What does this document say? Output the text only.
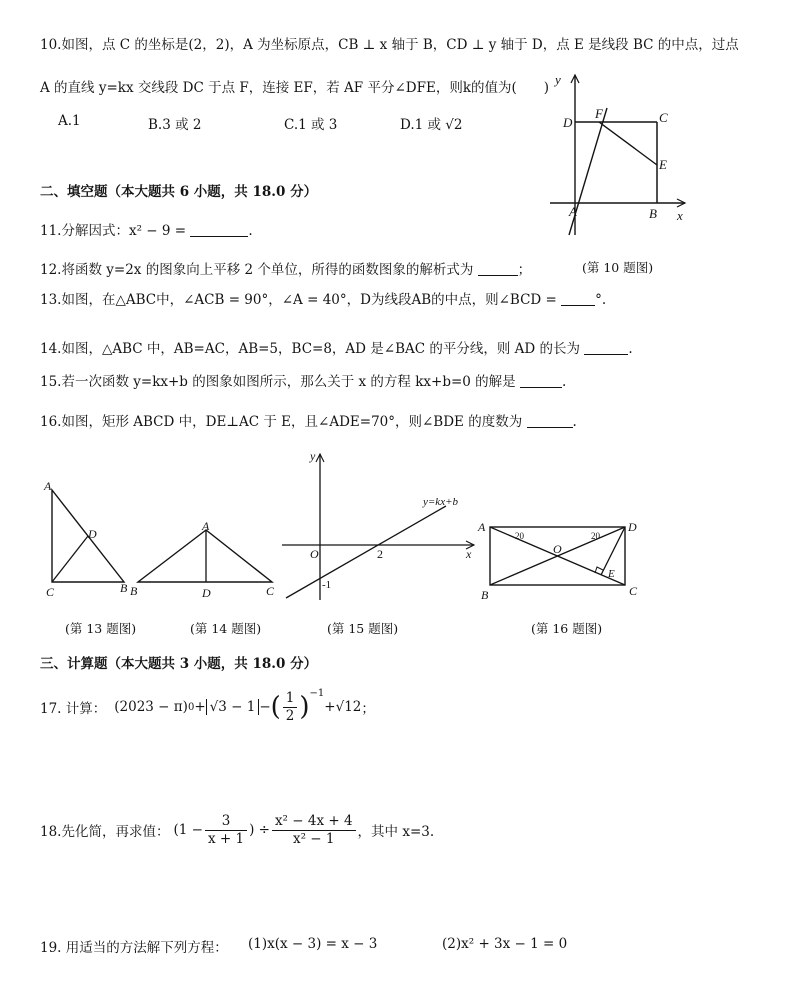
10.如图，点 C 的坐标是(2，2)，A 为坐标原点，CB ⊥ x 轴于 B，CD ⊥ y 轴于 D，点 E 是线段 BC 的中点，过点
A 的直线 y=kx 交线段 DC 于点 F，连接 EF，若 AF 平分∠DFE，则k的值为(　　)
A.1	B.3 或 2	C.1 或 3	D.1 或 √2
y
x
D
F	C
E
A	B
(第 10 题图)
二、填空题（本大题共 6 小题，共 18.0 分）
11.分解因式：x² − 9 =	.
12.将函数 y=2x 的图象向上平移 2 个单位，所得的函数图象的解析式为	；
13.如图，在△ABC中，∠ACB = 90°，∠A = 40°，D为线段AB的中点，则∠BCD =	°.
14.如图，△ABC 中，AB=AC，AB=5，BC=8，AD 是∠BAC 的平分线，则 AD 的长为	.
15.若一次函数 y=kx+b 的图象如图所示，那么关于 x 的方程 kx+b=0 的解是	.
16.如图，矩形 ABCD 中，DE⊥AC 于 E，且∠ADE=70°，则∠BDE 的度数为	.
A
D
C	B
(第 13 题图)
A
B	D	C
(第 14 题图)
y
x
O	2
-1
y=kx+b
(第 15 题图)
A	D
O
E
B	C
20	20
(第 16 题图)
三、计算题（本大题共 3 小题，共 18.0 分）
17. 计算： (2023 − π) 0 + √3 − 1 − ( $\frac{1}{2} )^{-1}$
+ √12 ；
18.先化简，再求值： ($1 - \frac{3}{x + 1}$ ) ÷ $\frac{\text{x² − 4x + 4}}{\text{x² − 1}}$ ，其中 x=3.
19. 用适当的方法解下列方程： (1)x(x − 3) = x − 3	(2)x² + 3x − 1 = 0
